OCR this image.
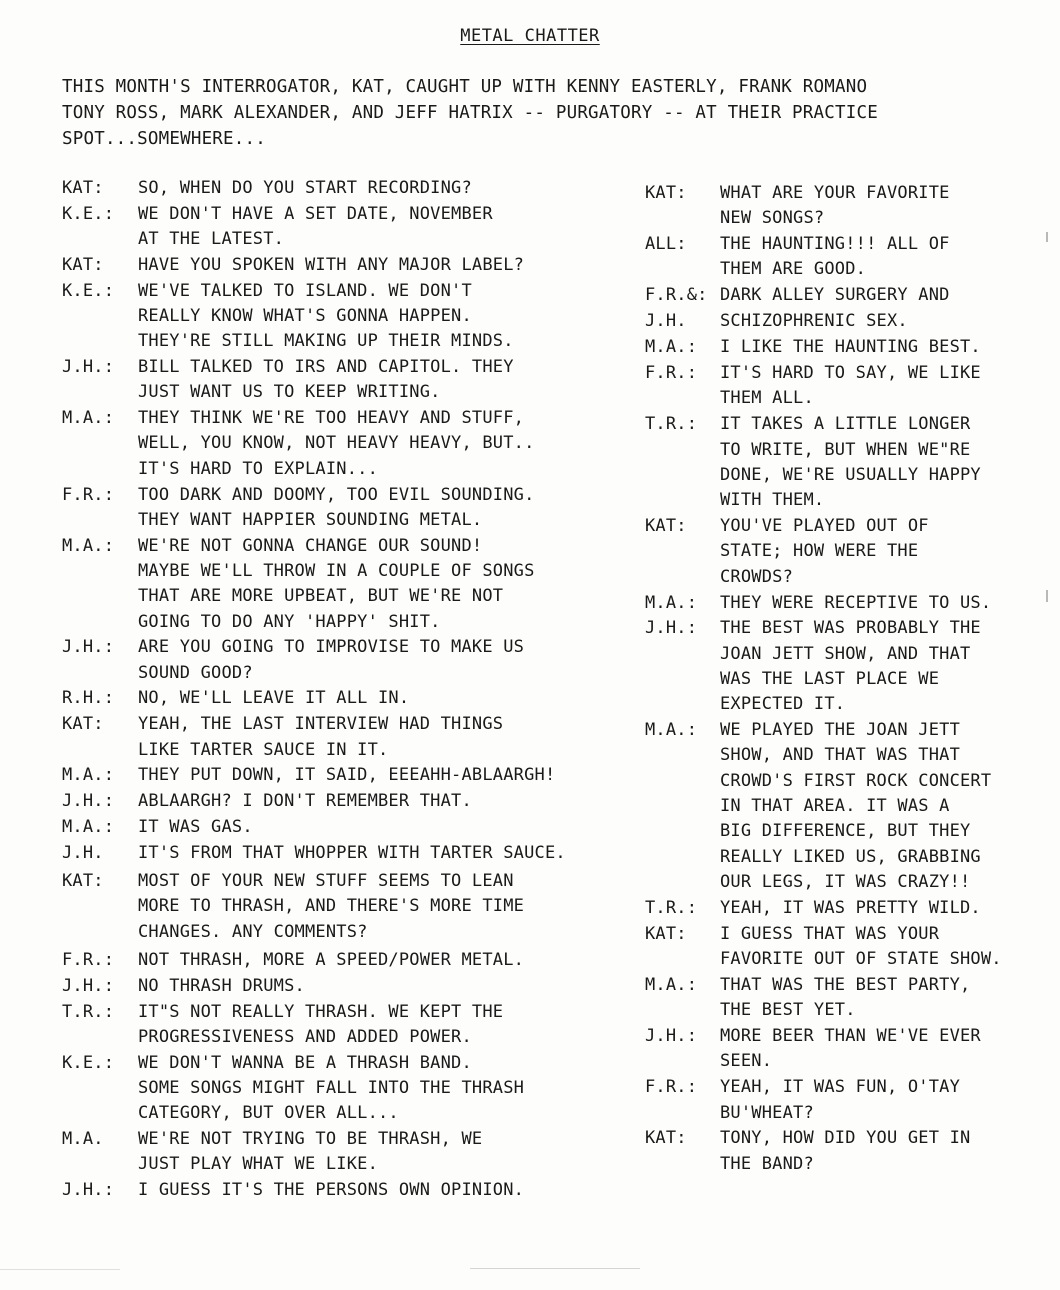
METAL CHATTER
THIS MONTH'S INTERROGATOR, KAT, CAUGHT UP WITH KENNY EASTERLY, FRANK ROMANO
TONY ROSS, MARK ALEXANDER, AND JEFF HATRIX -- PURGATORY -- AT THEIR PRACTICE
SPOT...SOMEWHERE...
KAT:	SO, WHEN DO YOU START RECORDING?
K.E.:	WE DON'T HAVE A SET DATE, NOVEMBER
AT THE LATEST.
KAT:	HAVE YOU SPOKEN WITH ANY MAJOR LABEL?
K.E.:	WE'VE TALKED TO ISLAND. WE DON'T
REALLY KNOW WHAT'S GONNA HAPPEN.
THEY'RE STILL MAKING UP THEIR MINDS.
J.H.:	BILL TALKED TO IRS AND CAPITOL. THEY
JUST WANT US TO KEEP WRITING.
M.A.:	THEY THINK WE'RE TOO HEAVY AND STUFF,
WELL, YOU KNOW, NOT HEAVY HEAVY, BUT..
IT'S HARD TO EXPLAIN...
F.R.:	TOO DARK AND DOOMY, TOO EVIL SOUNDING.
THEY WANT HAPPIER SOUNDING METAL.
M.A.:	WE'RE NOT GONNA CHANGE OUR SOUND!
MAYBE WE'LL THROW IN A COUPLE OF SONGS
THAT ARE MORE UPBEAT, BUT WE'RE NOT
GOING TO DO ANY 'HAPPY' SHIT.
J.H.:	ARE YOU GOING TO IMPROVISE TO MAKE US
SOUND GOOD?
R.H.:	NO, WE'LL LEAVE IT ALL IN.
KAT:	YEAH, THE LAST INTERVIEW HAD THINGS
LIKE TARTER SAUCE IN IT.
M.A.:	THEY PUT DOWN, IT SAID, EEEAHH-ABLAARGH!
J.H.:	ABLAARGH? I DON'T REMEMBER THAT.
M.A.:	IT WAS GAS.
J.H.	IT'S FROM THAT WHOPPER WITH TARTER SAUCE.
KAT:	MOST OF YOUR NEW STUFF SEEMS TO LEAN
MORE TO THRASH, AND THERE'S MORE TIME
CHANGES. ANY COMMENTS?
F.R.:	NOT THRASH, MORE A SPEED/POWER METAL.
J.H.:	NO THRASH DRUMS.
T.R.:	IT"S NOT REALLY THRASH. WE KEPT THE
PROGRESSIVENESS AND ADDED POWER.
K.E.:	WE DON'T WANNA BE A THRASH BAND.
SOME SONGS MIGHT FALL INTO THE THRASH
CATEGORY, BUT OVER ALL...
M.A.	WE'RE NOT TRYING TO BE THRASH, WE
JUST PLAY WHAT WE LIKE.
J.H.:	I GUESS IT'S THE PERSONS OWN OPINION.
KAT:	WHAT ARE YOUR FAVORITE
NEW SONGS?
ALL:	THE HAUNTING!!! ALL OF
THEM ARE GOOD.
F.R.&: DARK ALLEY SURGERY AND
J.H.	SCHIZOPHRENIC SEX.
M.A.:	I LIKE THE HAUNTING BEST.
F.R.:	IT'S HARD TO SAY, WE LIKE
THEM ALL.
T.R.:	IT TAKES A LITTLE LONGER
TO WRITE, BUT WHEN WE"RE
DONE, WE'RE USUALLY HAPPY
WITH THEM.
KAT:	YOU'VE PLAYED OUT OF
STATE; HOW WERE THE
CROWDS?
M.A.:	THEY WERE RECEPTIVE TO US.
J.H.:	THE BEST WAS PROBABLY THE
JOAN JETT SHOW, AND THAT
WAS THE LAST PLACE WE
EXPECTED IT.
M.A.:	WE PLAYED THE JOAN JETT
SHOW, AND THAT WAS THAT
CROWD'S FIRST ROCK CONCERT
IN THAT AREA. IT WAS A
BIG DIFFERENCE, BUT THEY
REALLY LIKED US, GRABBING
OUR LEGS, IT WAS CRAZY!!
T.R.:	YEAH, IT WAS PRETTY WILD.
KAT:	I GUESS THAT WAS YOUR
FAVORITE OUT OF STATE SHOW.
M.A.:	THAT WAS THE BEST PARTY,
THE BEST YET.
J.H.:	MORE BEER THAN WE'VE EVER
SEEN.
F.R.:	YEAH, IT WAS FUN, O'TAY
BU'WHEAT?
KAT:	TONY, HOW DID YOU GET IN
THE BAND?
